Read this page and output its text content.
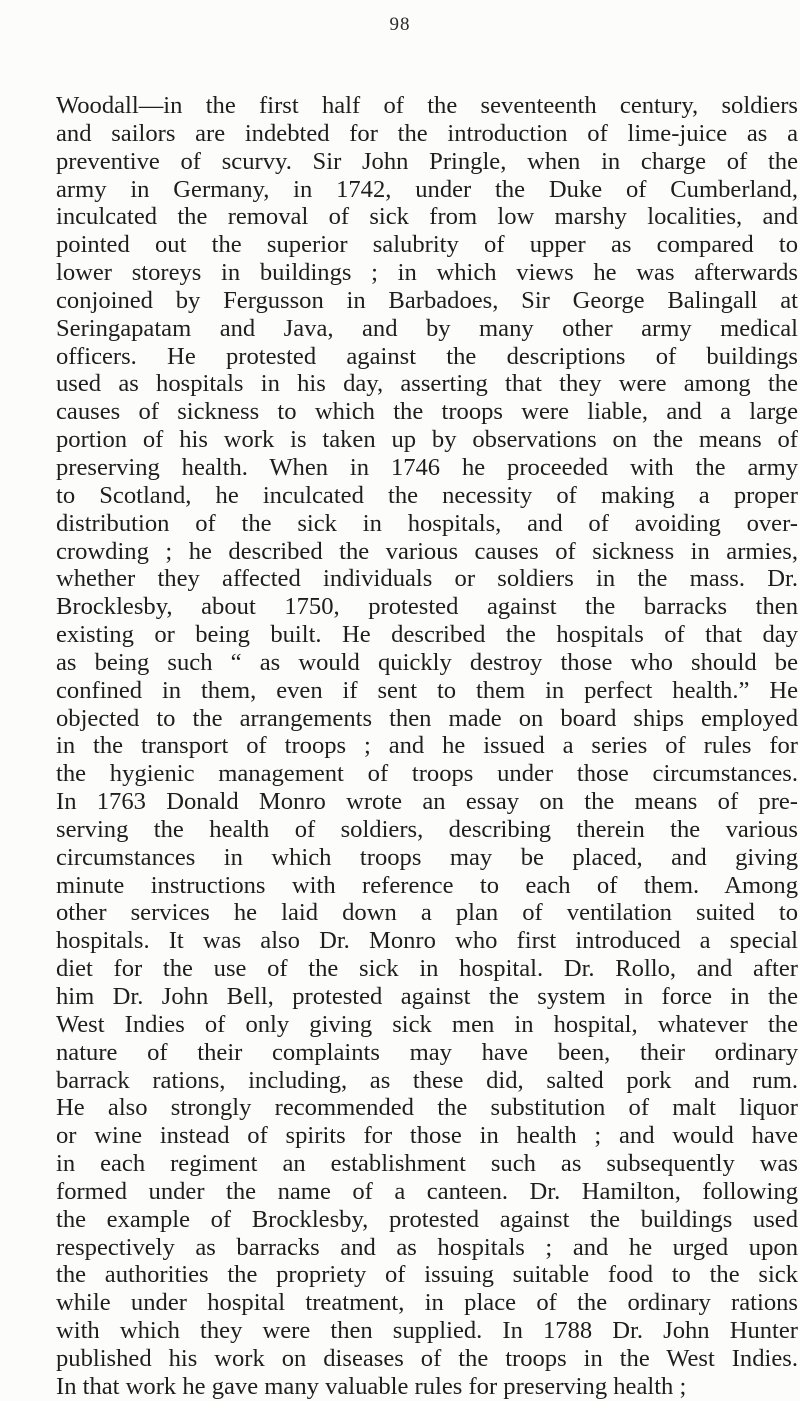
98

Woodall—in the first half of the seventeenth century, soldiers
and sailors are indebted for the introduction of lime-juice as a
preventive of scurvy. Sir John Pringle, when in charge of the
army in Germany, in 1742, under the Duke of Cumberland,
inculcated the removal of sick from low marshy localities, and
pointed out the superior salubrity of upper as compared to
lower storeys in buildings ; in which views he was afterwards
conjoined by Fergusson in Barbadoes, Sir George Balingall at
Seringapatam and Java, and by many other army medical
officers. He protested against the descriptions of buildings
used as hospitals in his day, asserting that they were among the
causes of sickness to which the troops were liable, and a large
portion of his work is taken up by observations on the means of
preserving health. When in 1746 he proceeded with the army
to Scotland, he inculcated the necessity of making a proper
distribution of the sick in hospitals, and of avoiding over-
crowding ; he described the various causes of sickness in armies,
whether they affected individuals or soldiers in the mass. Dr.
Brocklesby, about 1750, protested against the barracks then
existing or being built. He described the hospitals of that day
as being such “ as would quickly destroy those who should be
confined in them, even if sent to them in perfect health.” He
objected to the arrangements then made on board ships employed
in the transport of troops ; and he issued a series of rules for
the hygienic management of troops under those circumstances.
In 1763 Donald Monro wrote an essay on the means of pre-
serving the health of soldiers, describing therein the various
circumstances in which troops may be placed, and giving
minute instructions with reference to each of them. Among
other services he laid down a plan of ventilation suited to
hospitals. It was also Dr. Monro who first introduced a special
diet for the use of the sick in hospital. Dr. Rollo, and after
him Dr. John Bell, protested against the system in force in the
West Indies of only giving sick men in hospital, whatever the
nature of their complaints may have been, their ordinary
barrack rations, including, as these did, salted pork and rum.
He also strongly recommended the substitution of malt liquor
or wine instead of spirits for those in health ; and would have
in each regiment an establishment such as subsequently was
formed under the name of a canteen. Dr. Hamilton, following
the example of Brocklesby, protested against the buildings used
respectively as barracks and as hospitals ; and he urged upon
the authorities the propriety of issuing suitable food to the sick
while under hospital treatment, in place of the ordinary rations
with which they were then supplied. In 1788 Dr. John Hunter
published his work on diseases of the troops in the West Indies.
In that work he gave many valuable rules for preserving health ;
